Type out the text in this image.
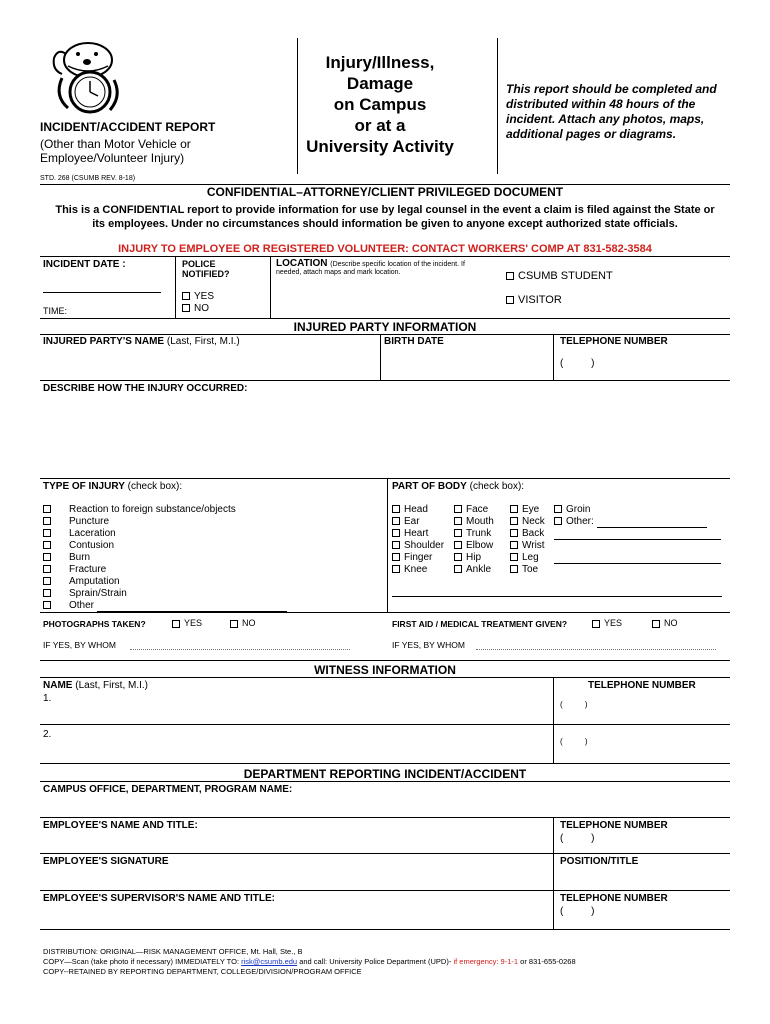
INCIDENT/ACCIDENT REPORT
(Other than Motor Vehicle or
Employee/Volunteer Injury)
Injury/Illness,
Damage
on Campus
or at a
University Activity
This report should be completed and distributed within 48 hours of the incident. Attach any photos, maps, additional pages or diagrams.
STD. 268 (CSUMB REV. 8-18)
CONFIDENTIAL–ATTORNEY/CLIENT PRIVILEGED DOCUMENT
This is a CONFIDENTIAL report to provide information for use by legal counsel in the event a claim is filed against the State or
its employees. Under no circumstances should information be given to anyone except authorized state officials.
INJURY TO EMPLOYEE OR REGISTERED VOLUNTEER: CONTACT WORKERS' COMP AT 831-582-3584
INCIDENT DATE :
TIME:
POLICE
NOTIFIED?
YES
NO
LOCATION (Describe specific location of the incident. If
needed, attach maps and mark location.	CSUMB STUDENT
VISITOR
INJURED PARTY INFORMATION
INJURED PARTY'S NAME (Last, First, M.I.)	BIRTH DATE	TELEPHONE NUMBER
(          )
DESCRIBE HOW THE INJURY OCCURRED:
TYPE OF INJURY (check box):	PART OF BODY (check box):
Reaction to foreign substance/objects
Puncture
Laceration
Contusion
Burn
Fracture
Amputation
Sprain/Strain
Other
Head
Ear
Heart
Shoulder
Finger
Knee
Face
Mouth
Trunk
Elbow
Hip
Ankle
Eye
Neck
Back
Wrist
Leg
Toe
Groin
Other:
PHOTOGRAPHS TAKEN?	YES	NO
IF YES, BY WHOM
FIRST AID / MEDICAL TREATMENT GIVEN?	YES	NO
IF YES, BY WHOM
WITNESS INFORMATION
NAME (Last, First, M.I.)
1.
TELEPHONE NUMBER
(          )
2.
(          )
DEPARTMENT REPORTING INCIDENT/ACCIDENT
CAMPUS OFFICE, DEPARTMENT, PROGRAM NAME:
EMPLOYEE'S NAME AND TITLE:	TELEPHONE NUMBER
(          )
EMPLOYEE'S SIGNATURE	POSITION/TITLE
EMPLOYEE'S SUPERVISOR'S NAME AND TITLE:	TELEPHONE NUMBER
(          )
DISTRIBUTION: ORIGINAL—RISK MANAGEMENT OFFICE, Mt. Hall, Ste., B
COPY—Scan (take photo if necessary) IMMEDIATELY TO: risk@csumb.edu and call: University Police Department (UPD)- if emergency: 9-1-1 or 831-655-0268
COPY--RETAINED BY REPORTING DEPARTMENT, COLLEGE/DIVISION/PROGRAM OFFICE
